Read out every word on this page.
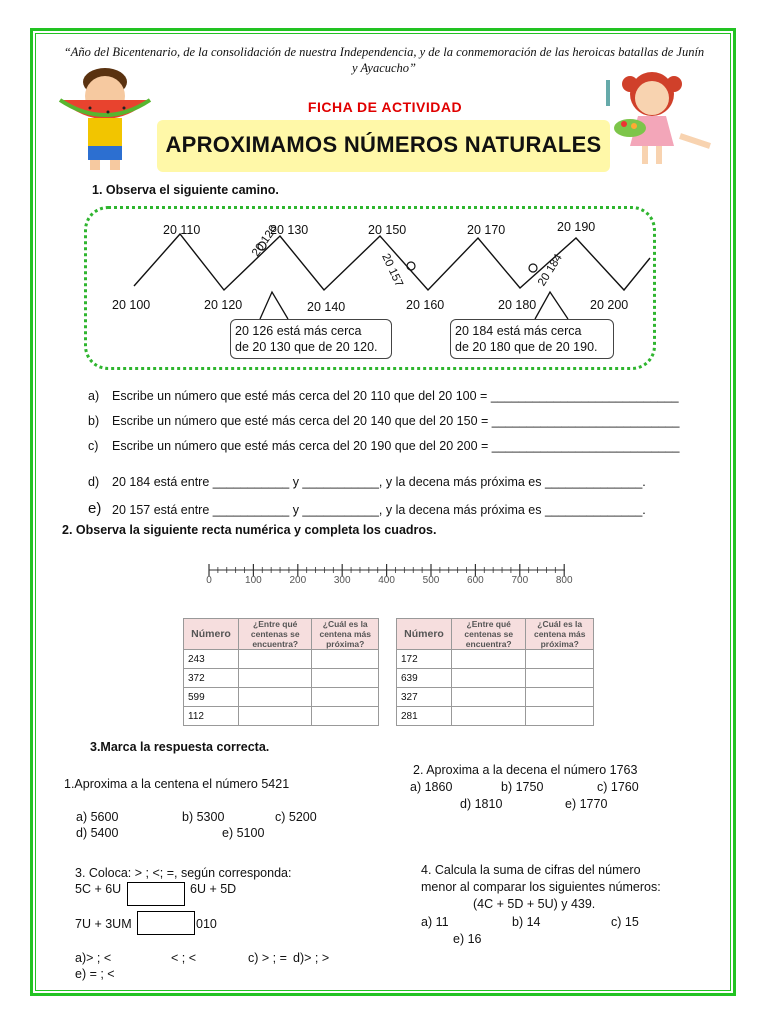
“Año del Bicentenario, de la consolidación de nuestra Independencia, y de la conmemoración de las heroicas batallas de Junín y Ayacucho”
FICHA DE ACTIVIDAD
APROXIMAMOS NÚMEROS NATURALES
1. Observa el siguiente camino.
20 110	20 130	20 150	20 170	20 190
20 100	20 120	20 140	20 160	20 180	20 200
20 126
20 157	20 184
20 126 está más cerca
de 20 130 que de 20 120.
20 184 está más cerca
de 20 180 que de 20 190.
a) Escribe un número que esté más cerca del 20 110 que del 20 100 = ___________________________
b) Escribe un número que esté más cerca del 20 140 que del 20 150 = ___________________________
c) Escribe un número que esté más cerca del 20 190 que del 20 200 = ___________________________
d) 20 184 está entre ___________ y ___________, y la decena más próxima es ______________.
e) 20 157 está entre ___________ y ___________, y la decena más próxima es ______________.
2. Observa la siguiente recta numérica y completa los cuadros.
0	100	200	300	400	500	600	700	800
Número	¿Entre qué centenas se encuentra?	¿Cuál es la centena más próxima?
243		
372		
599		
112		
Número	¿Entre qué centenas se encuentra?	¿Cuál es la centena más próxima?
172		
639		
327		
281		
3.Marca la respuesta correcta.
1.Aproxima a la centena el número 5421
a) 5600	b) 5300	c) 5200
d) 5400	e) 5100
2. Aproxima a la decena el número 1763
a) 1860	b) 1750	c) 1760
d) 1810	e) 1770
3. Coloca: > ; <; =, según corresponda:
5C + 6U	6U + 5D
7U + 3UM	010
a)> ; <	< ; <	c) > ; = d)> ; >
e) = ; <
4. Calcula la suma de cifras del número
menor al comparar los siguientes números:
(4C + 5D + 5U) y 439.
a) 11	b) 14	c) 15
e) 16
